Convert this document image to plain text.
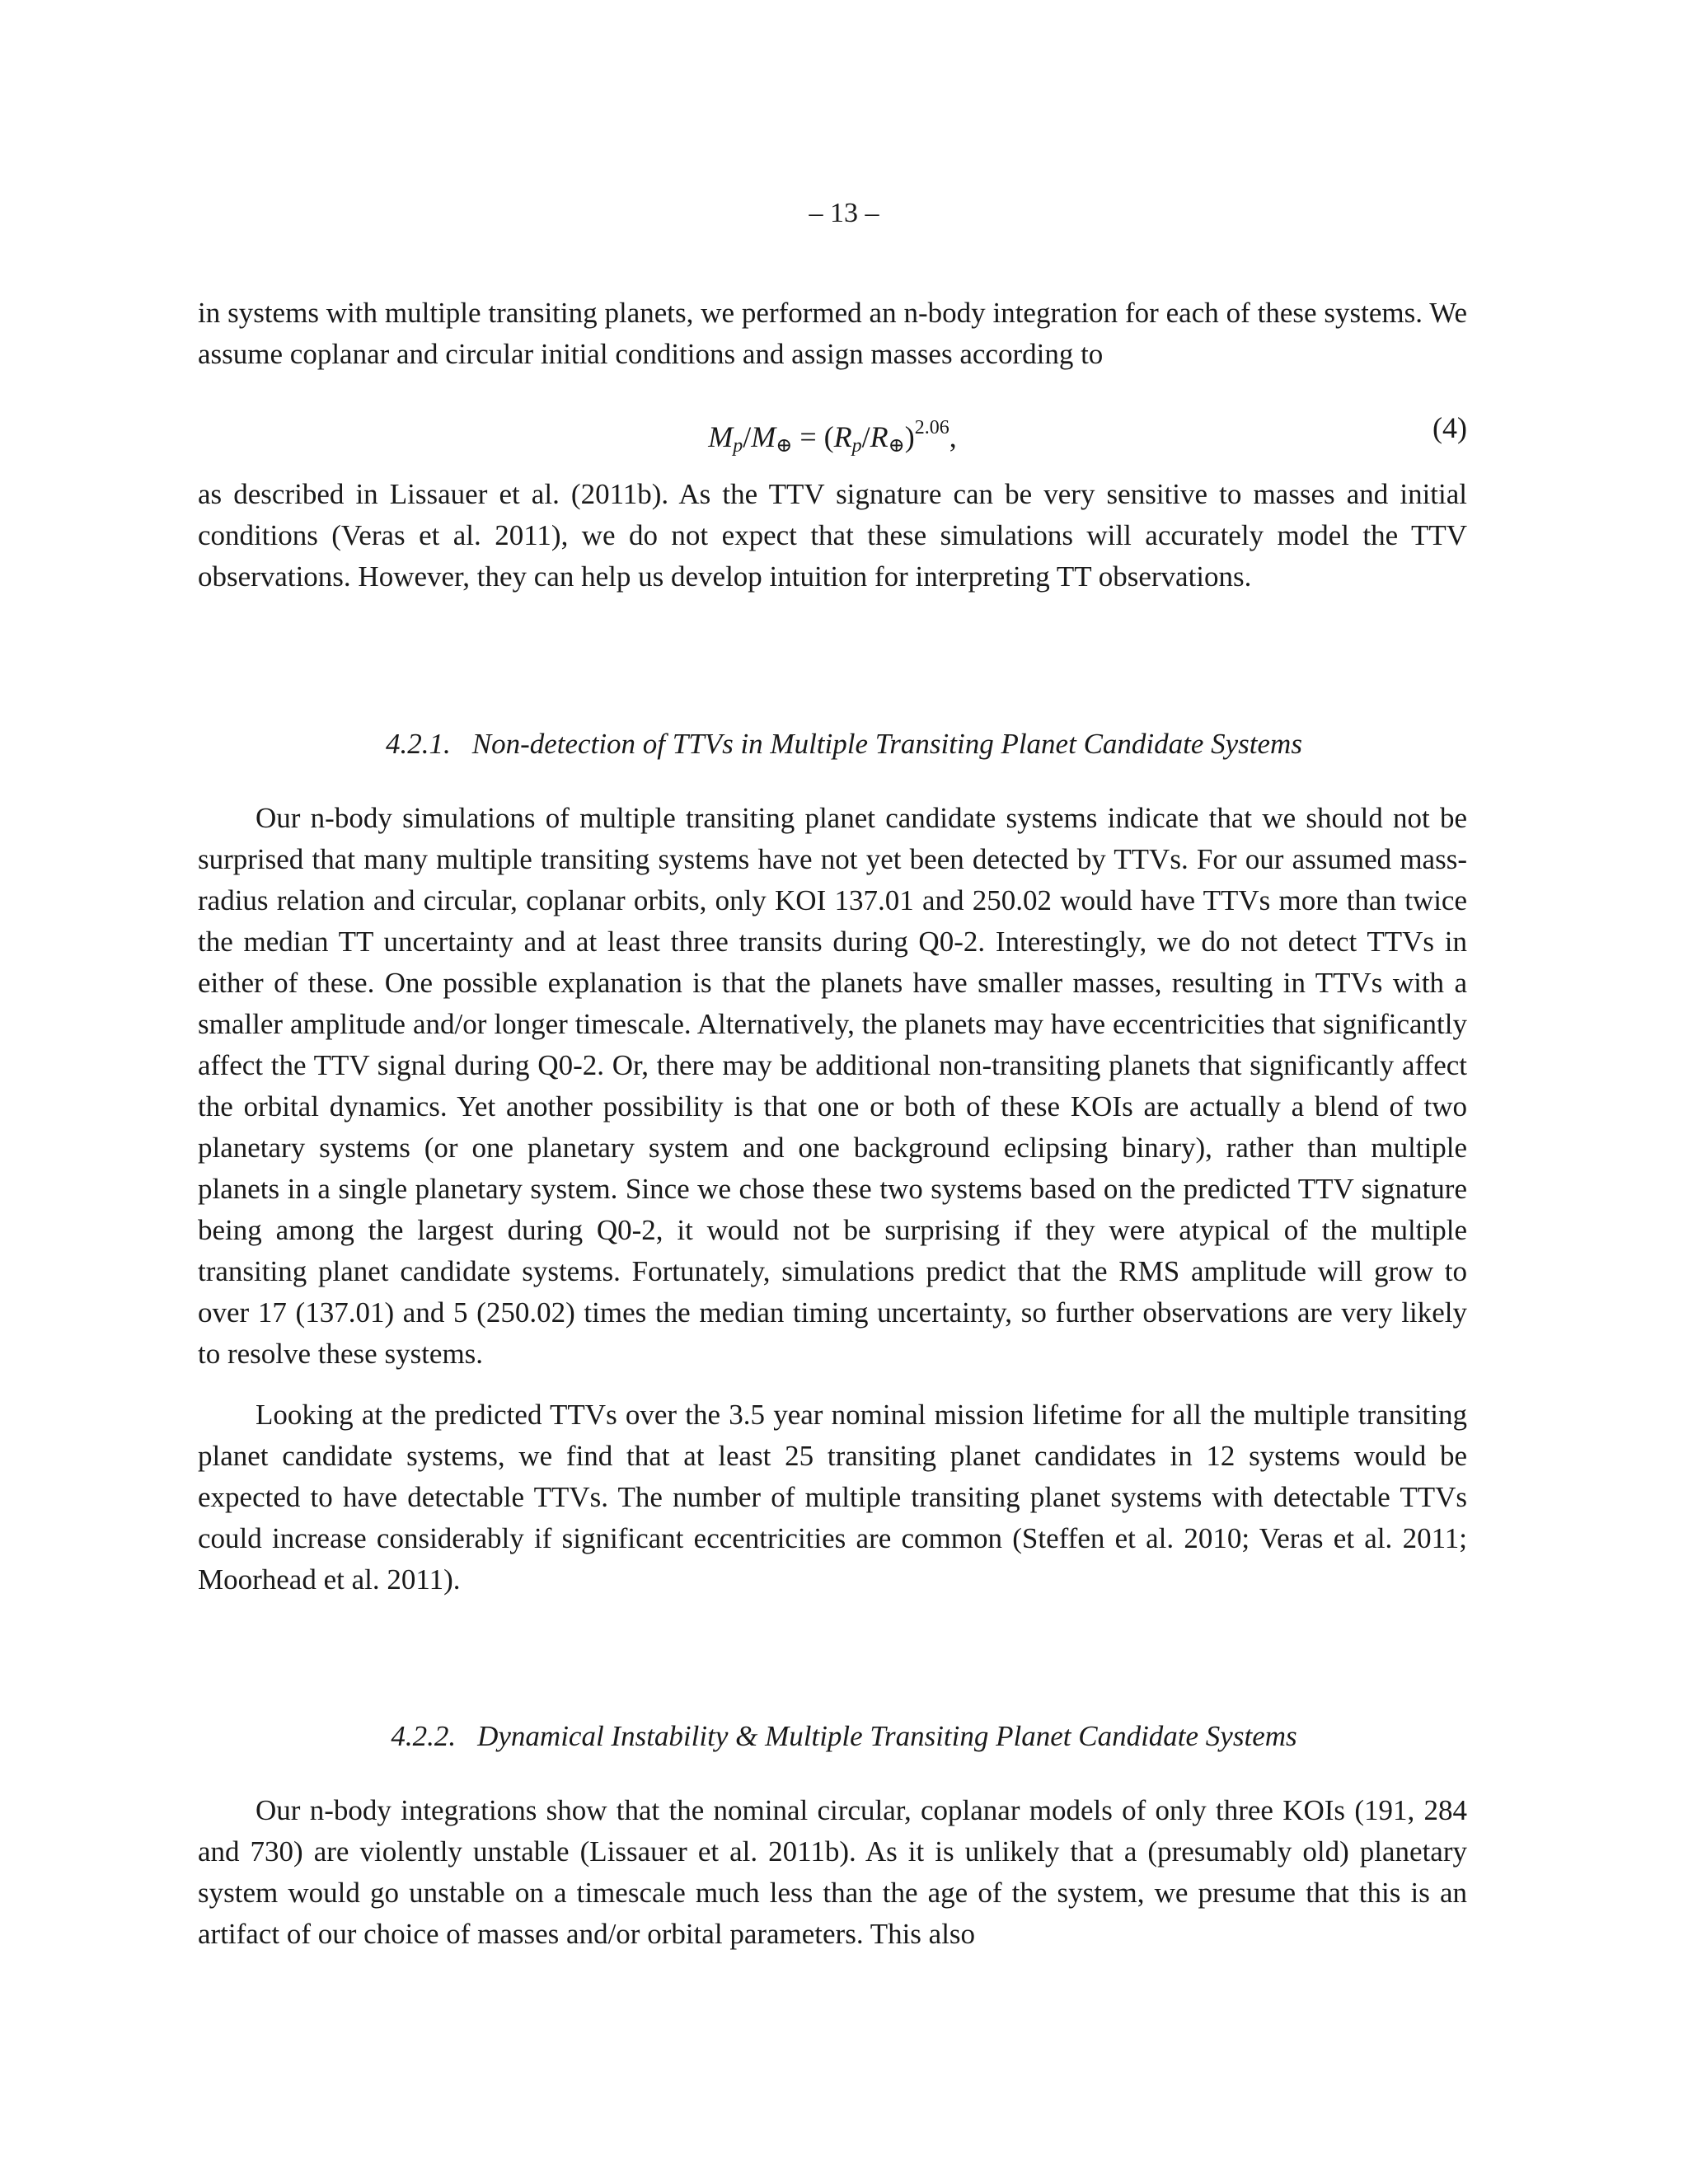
– 13 –

in systems with multiple transiting planets, we performed an n-body integration for each of these systems. We assume coplanar and circular initial conditions and assign masses according to

$M_p/M_\oplus = (R_p/R_\oplus)^{2.06}$,	(4)

as described in Lissauer et al. (2011b). As the TTV signature can be very sensitive to masses and initial conditions (Veras et al. 2011), we do not expect that these simulations will accurately model the TTV observations. However, they can help us develop intuition for interpreting TT observations.

4.2.1. Non-detection of TTVs in Multiple Transiting Planet Candidate Systems

Our n-body simulations of multiple transiting planet candidate systems indicate that we should not be surprised that many multiple transiting systems have not yet been detected by TTVs. For our assumed mass-radius relation and circular, coplanar orbits, only KOI 137.01 and 250.02 would have TTVs more than twice the median TT uncertainty and at least three transits during Q0-2. Interestingly, we do not detect TTVs in either of these. One possible explanation is that the planets have smaller masses, resulting in TTVs with a smaller amplitude and/or longer timescale. Alternatively, the planets may have eccentricities that significantly affect the TTV signal during Q0-2. Or, there may be additional non-transiting planets that significantly affect the orbital dynamics. Yet another possibility is that one or both of these KOIs are actually a blend of two planetary systems (or one planetary system and one background eclipsing binary), rather than multiple planets in a single planetary system. Since we chose these two systems based on the predicted TTV signature being among the largest during Q0-2, it would not be surprising if they were atypical of the multiple transiting planet candidate systems. Fortunately, simulations predict that the RMS amplitude will grow to over 17 (137.01) and 5 (250.02) times the median timing uncertainty, so further observations are very likely to resolve these systems.

Looking at the predicted TTVs over the 3.5 year nominal mission lifetime for all the multiple transiting planet candidate systems, we find that at least 25 transiting planet candidates in 12 systems would be expected to have detectable TTVs. The number of multiple transiting planet systems with detectable TTVs could increase considerably if significant eccentricities are common (Steffen et al. 2010; Veras et al. 2011; Moorhead et al. 2011).

4.2.2. Dynamical Instability & Multiple Transiting Planet Candidate Systems

Our n-body integrations show that the nominal circular, coplanar models of only three KOIs (191, 284 and 730) are violently unstable (Lissauer et al. 2011b). As it is unlikely that a (presumably old) planetary system would go unstable on a timescale much less than the age of the system, we presume that this is an artifact of our choice of masses and/or orbital parameters. This also
